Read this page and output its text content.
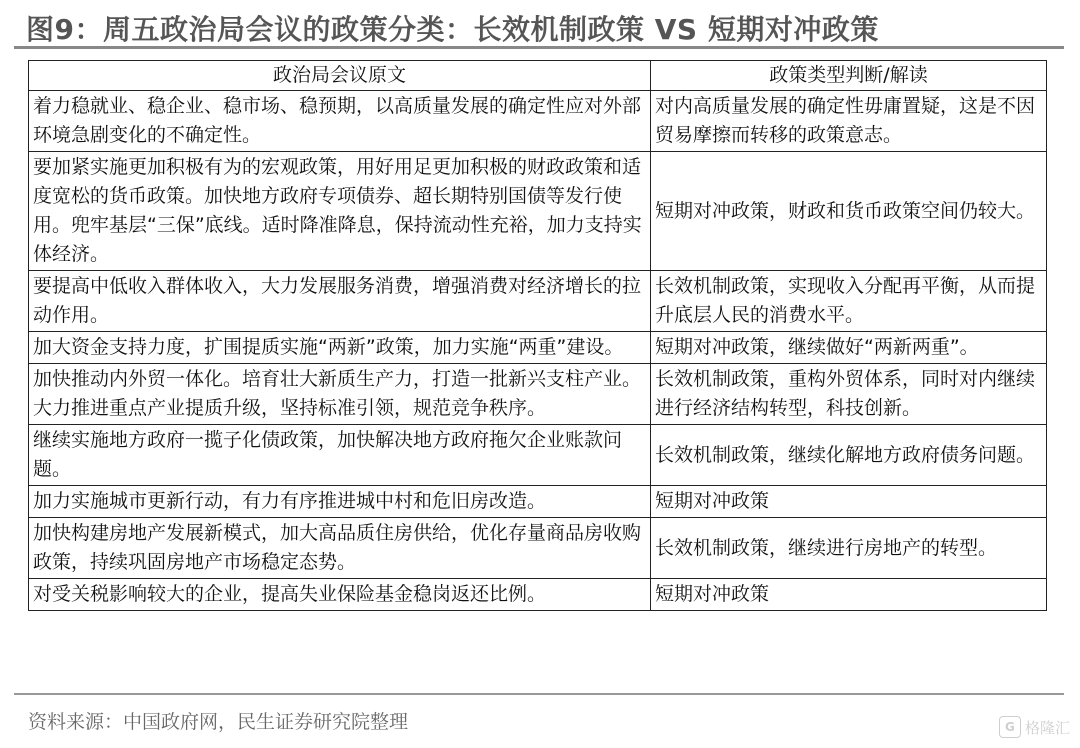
图9：周五政治局会议的政策分类：长效机制政策 VS 短期对冲政策
政治局会议原文	政策类型判断/解读
着力稳就业、稳企业、稳市场、稳预期，以高质量发展的确定性应对外部环境急剧变化的不确定性。	对内高质量发展的确定性毋庸置疑，这是不因贸易摩擦而转移的政策意志。
要加紧实施更加积极有为的宏观政策，用好用足更加积极的财政政策和适度宽松的货币政策。加快地方政府专项债券、超长期特别国债等发行使用。兜牢基层“三保”底线。适时降准降息，保持流动性充裕，加力支持实体经济。	短期对冲政策，财政和货币政策空间仍较大。
要提高中低收入群体收入，大力发展服务消费，增强消费对经济增长的拉动作用。	长效机制政策，实现收入分配再平衡，从而提升底层人民的消费水平。
加大资金支持力度，扩围提质实施“两新”政策，加力实施“两重”建设。	短期对冲政策，继续做好“两新两重”。
加快推动内外贸一体化。培育壮大新质生产力，打造一批新兴支柱产业。大力推进重点产业提质升级，坚持标准引领，规范竞争秩序。	长效机制政策，重构外贸体系，同时对内继续进行经济结构转型，科技创新。
继续实施地方政府一揽子化债政策，加快解决地方政府拖欠企业账款问题。	长效机制政策，继续化解地方政府债务问题。
加力实施城市更新行动，有力有序推进城中村和危旧房改造。	短期对冲政策
加快构建房地产发展新模式，加大高品质住房供给，优化存量商品房收购政策，持续巩固房地产市场稳定态势。	长效机制政策，继续进行房地产的转型。
对受关税影响较大的企业，提高失业保险基金稳岗返还比例。	短期对冲政策
资料来源：中国政府网，民生证券研究院整理	G 格隆汇
